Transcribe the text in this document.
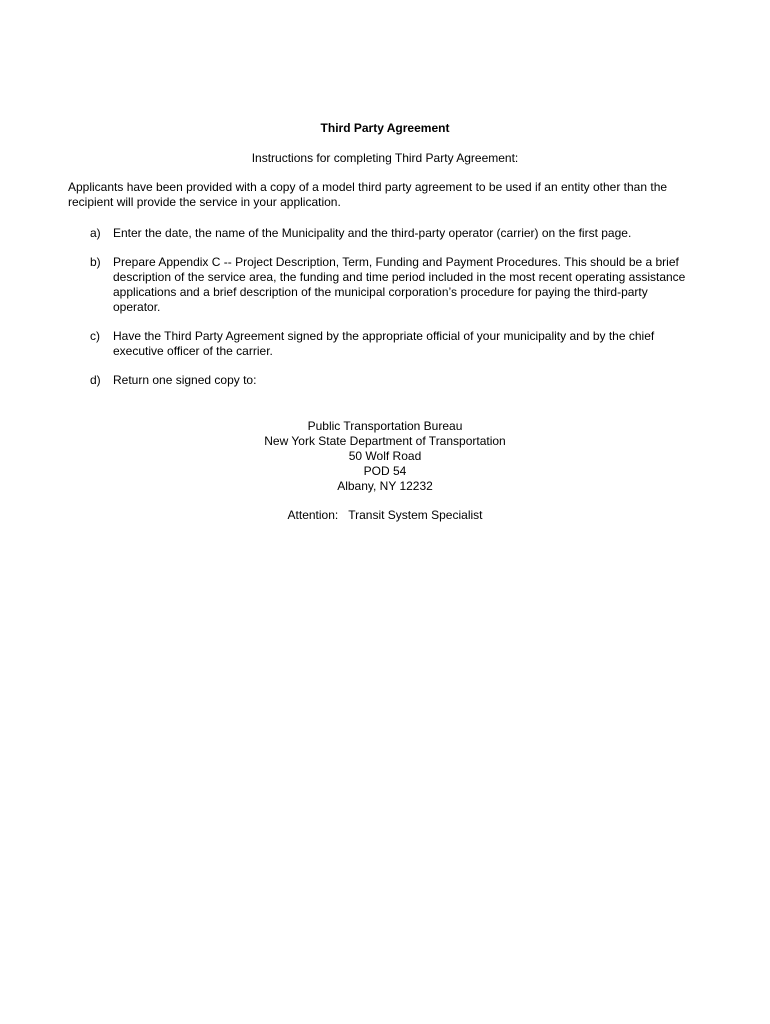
Third Party Agreement
Instructions for completing Third Party Agreement:
Applicants have been provided with a copy of a model third party agreement to be used if an entity other than the recipient will provide the service in your application.
a)	Enter the date, the name of the Municipality and the third-party operator (carrier) on the first page.
b)	Prepare Appendix C -- Project Description, Term, Funding and Payment Procedures. This should be a brief description of the service area, the funding and time period included in the most recent operating assistance applications and a brief description of the municipal corporation’s procedure for paying the third-party operator.
c)	Have the Third Party Agreement signed by the appropriate official of your municipality and by the chief executive officer of the carrier.
d)	Return one signed copy to:
Public Transportation Bureau
New York State Department of Transportation
50 Wolf Road
POD 54
Albany, NY 12232
Attention: Transit System Specialist
